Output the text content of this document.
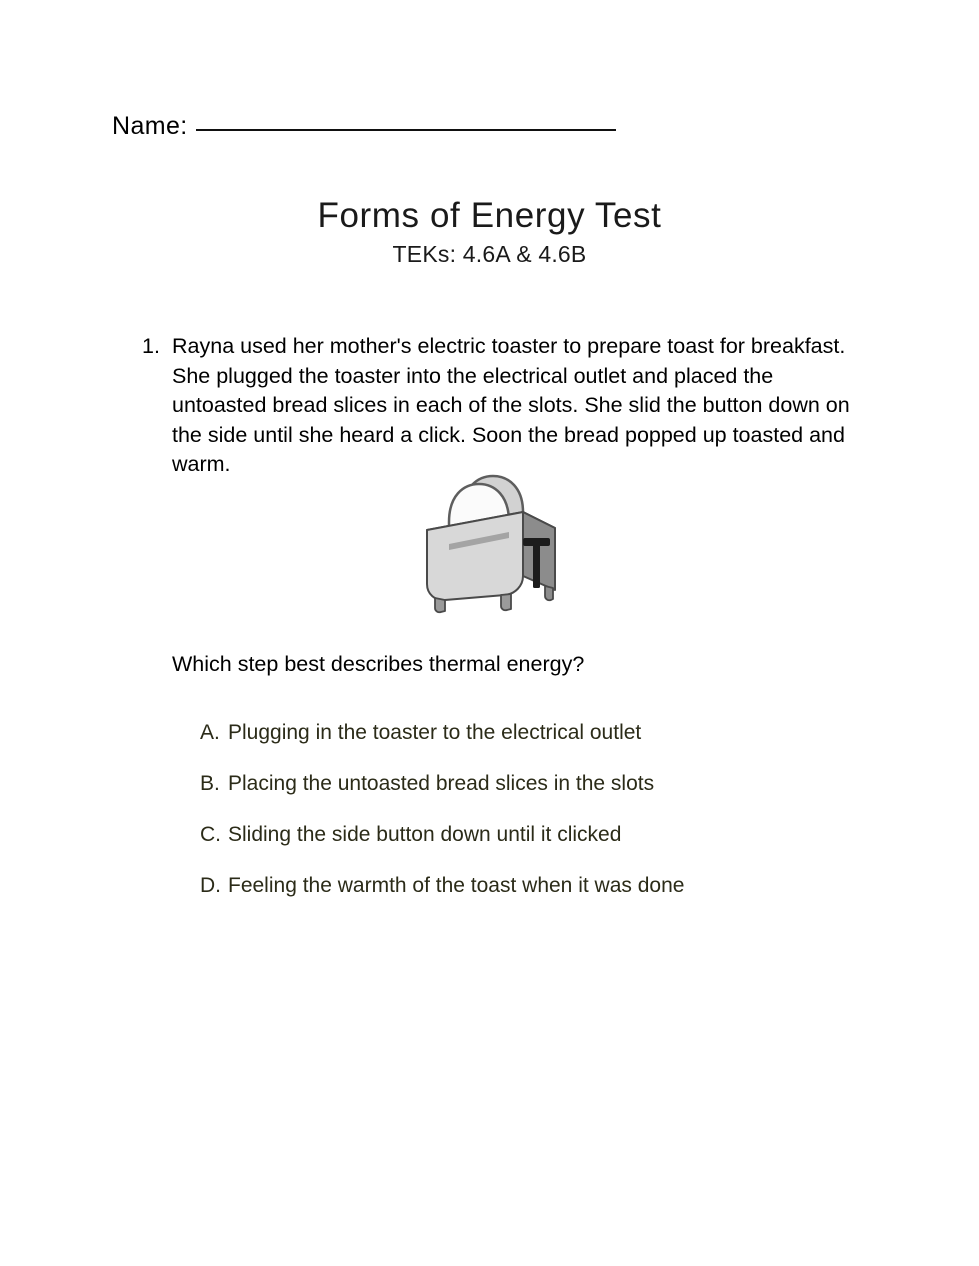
Name:
Forms of Energy Test
TEKs: 4.6A & 4.6B
1. Rayna used her mother's electric toaster to prepare toast for breakfast. She plugged the toaster into the electrical outlet and placed the untoasted bread slices in each of the slots. She slid the button down on the side until she heard a click. Soon the bread popped up toasted and warm.
Which step best describes thermal energy?
A. Plugging in the toaster to the electrical outlet
B. Placing the untoasted bread slices in the slots
C. Sliding the side button down until it clicked
D. Feeling the warmth of the toast when it was done
